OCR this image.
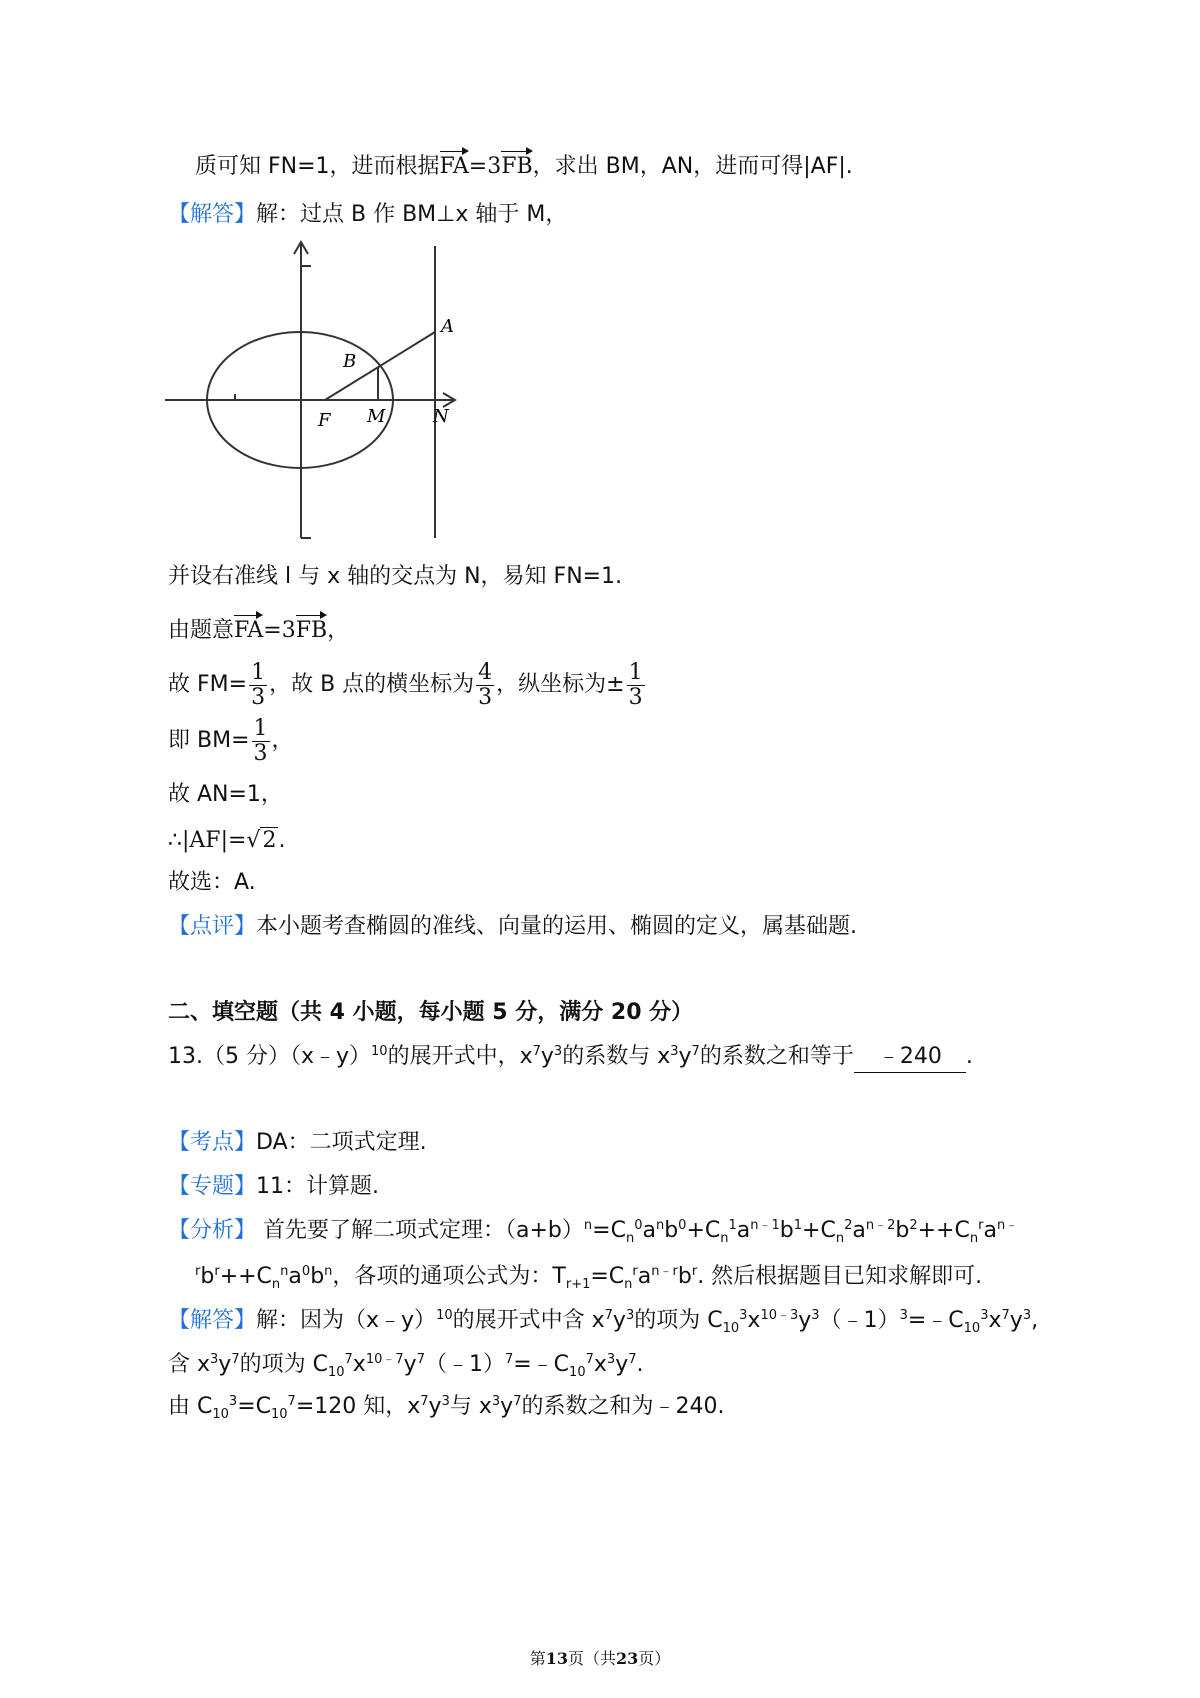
质可知 FN=1，进而根据FA=3FB，求出 BM，AN，进而可得|AF|.
【解答】解：过点 B 作 BM⊥x 轴于 M，
A
B
F M	N
并设右准线 l 与 x 轴的交点为 N，易知 FN=1.
由题意FA=3FB，
故 $FM= \frac{1}{3}$ ，故 B 点的横坐标为 $\frac{4}{3}$ ，纵坐标为± $\frac{1}{3}$
即 $BM= \frac{1}{3}$ ，
故 AN=1，
∴|AF|=√2.
故选：A.
【点评】本小题考查椭圆的准线、向量的运用、椭圆的定义，属基础题.
二、填空题（共 4 小题，每小题 5 分，满分 20 分）
13.（5 分）（x﹣y）$^{10}$的展开式中，$x^7y^3$的系数与 $x^3y^7$的系数之和等于 ﹣240 .
【考点】DA：二项式定理.
【专题】11：计算题.
【分析】 首先要了解二项式定理：$(a+b)^n=C_n^0a^nb^0+C_n^1a^{n﹣1}b^1+C_n^2a^{n﹣2}b^2++C_n^ra^{n﹣}$
$^rb^r++C_n^na^0b^n$，各项的通项公式为：$T_{r+1}=C_n^ra^{n﹣r}b^r$. 然后根据题目已知求解即可.
【解答】解：因为（x﹣y）$^{10}$的展开式中含 $x^7y^3$的项为 $C_{10}^3x^{10﹣3}y^3(﹣1)^3=﹣C_{10}^3x^7y^3$,
含 $x^3y^7$的项为 $C_{10}^7x^{10﹣7}y^7(﹣1)^7=﹣C_{10}^7x^3y^7$.
由 $C_{10}^3=C_{10}^7=120$ 知，$x^7y^3$与 $x^3y^7$的系数之和为﹣240.
第13页（共23页）
